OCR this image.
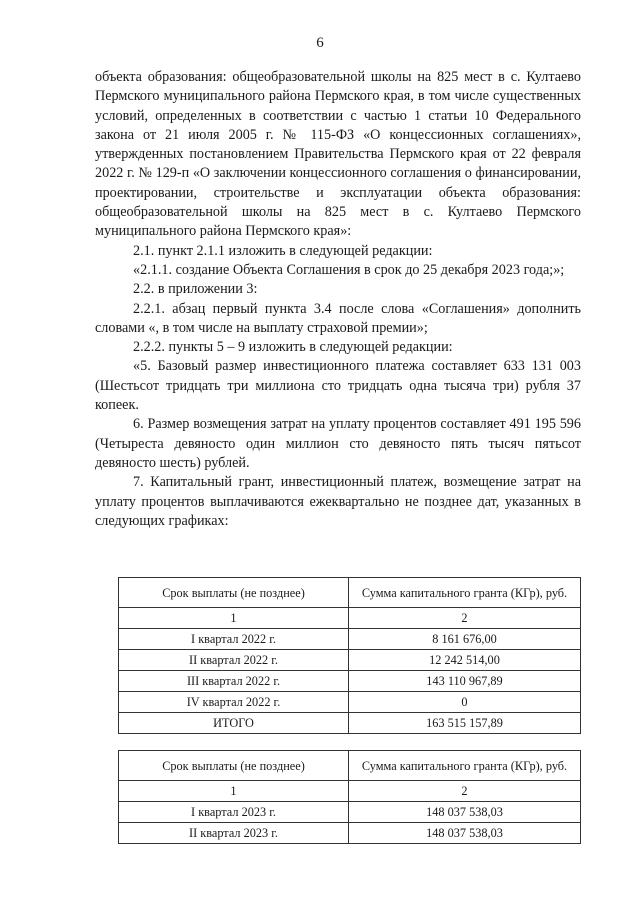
6

объекта образования: общеобразовательной школы на 825 мест в с. Култаево Пермского муниципального района Пермского края, в том числе существенных условий, определенных в соответствии с частью 1 статьи 10 Федерального закона от 21 июля 2005 г. № 115-ФЗ «О концессионных соглашениях», утвержденных постановлением Правительства Пермского края от 22 февраля 2022 г. № 129-п «О заключении концессионного соглашения о финансировании, проектировании, строительстве и эксплуатации объекта образования: общеобразовательной школы на 825 мест в с. Култаево Пермского муниципального района Пермского края»:

2.1. пункт 2.1.1 изложить в следующей редакции:

«2.1.1. создание Объекта Соглашения в срок до 25 декабря 2023 года;»;

2.2. в приложении 3:

2.2.1. абзац первый пункта 3.4 после слова «Соглашения» дополнить словами «, в том числе на выплату страховой премии»;

2.2.2. пункты 5 – 9 изложить в следующей редакции:

«5. Базовый размер инвестиционного платежа составляет 633 131 003 (Шестьсот тридцать три миллиона сто тридцать одна тысяча три) рубля 37 копеек.

6. Размер возмещения затрат на уплату процентов составляет 491 195 596 (Четыреста девяносто один миллион сто девяносто пять тысяч пятьсот девяносто шесть) рублей.

7. Капитальный грант, инвестиционный платеж, возмещение затрат на уплату процентов выплачиваются ежеквартально не позднее дат, указанных в следующих графиках:

Срок выплаты (не позднее)	Сумма капитального гранта (КГр), руб.
1	2
I квартал 2022 г.	8 161 676,00
II квартал 2022 г.	12 242 514,00
III квартал 2022 г.	143 110 967,89
IV квартал 2022 г.	0
ИТОГО	163 515 157,89
Срок выплаты (не позднее)	Сумма капитального гранта (КГр), руб.
1	2
I квартал 2023 г.	148 037 538,03
II квартал 2023 г.	148 037 538,03
